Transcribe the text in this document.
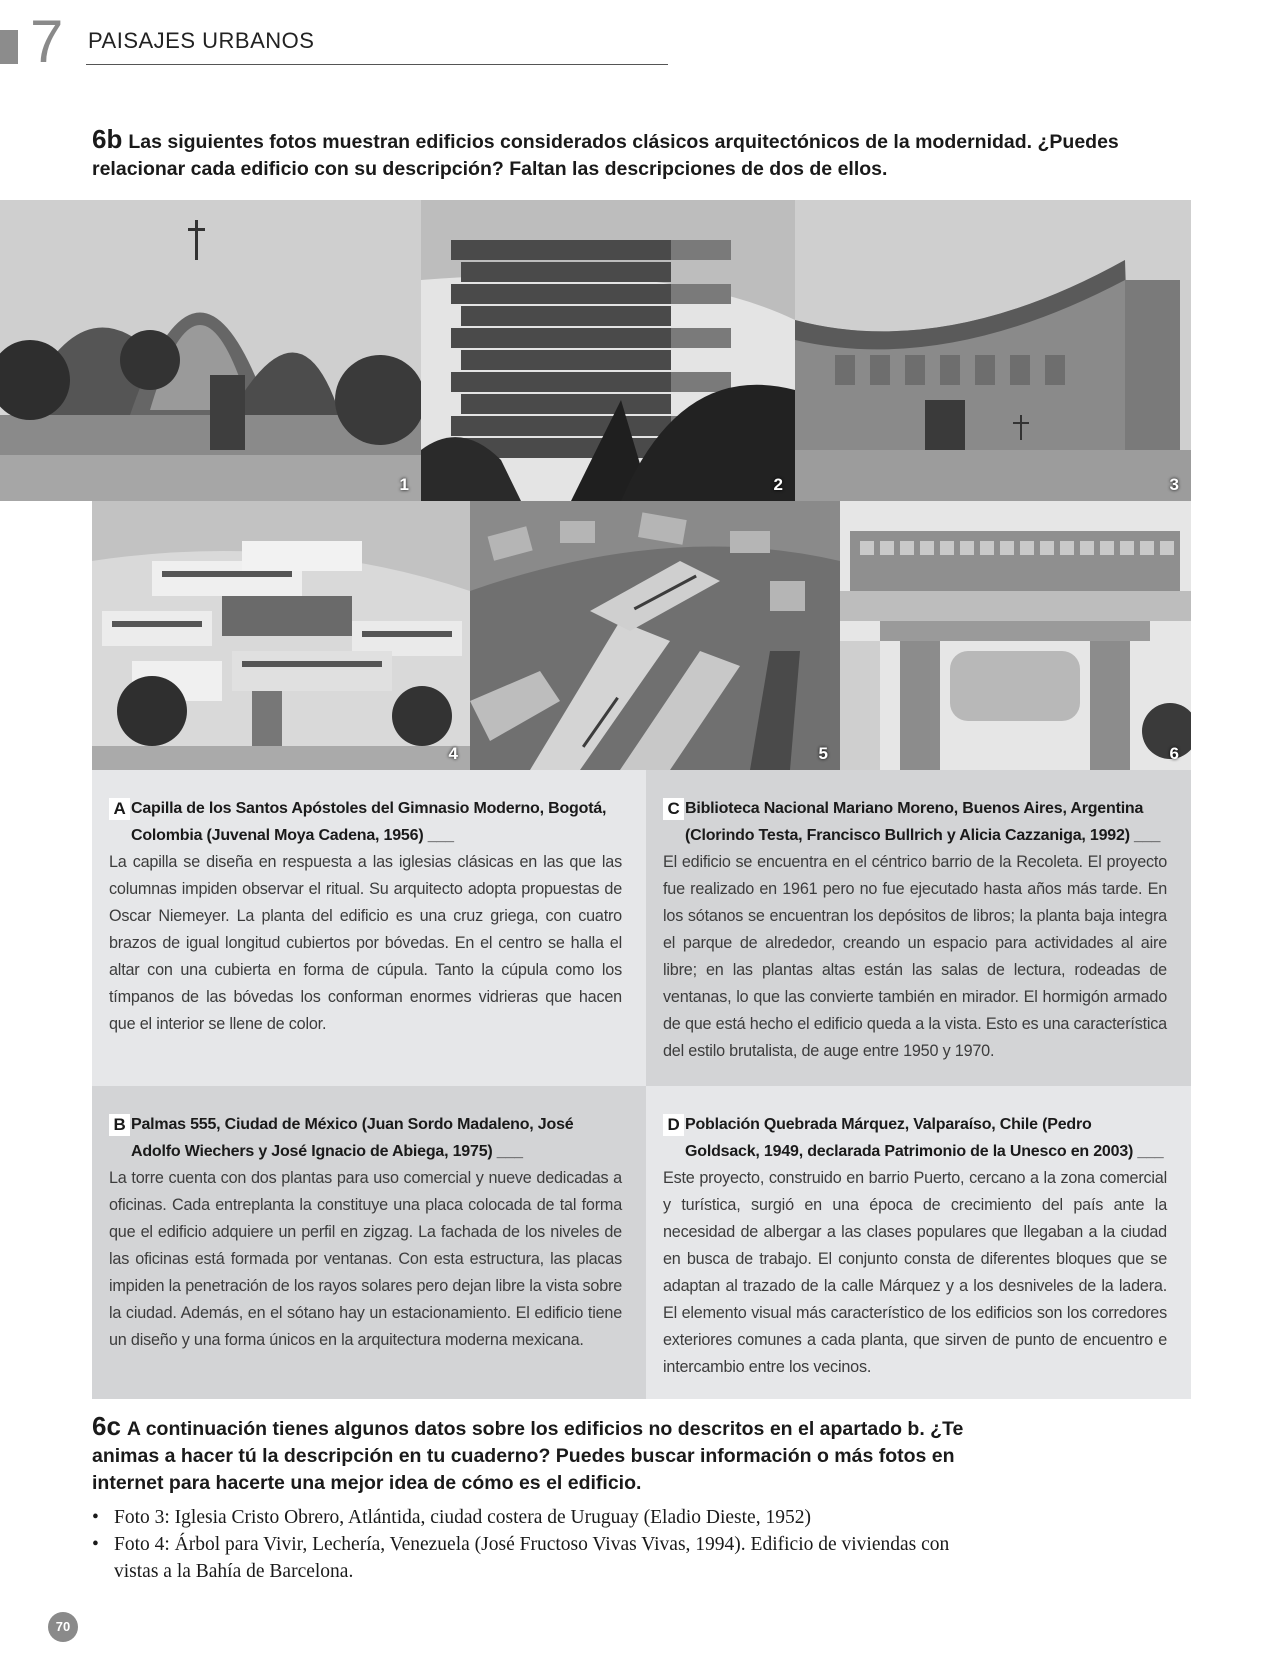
7 PAISAJES URBANOS
6b Las siguientes fotos muestran edificios considerados clásicos arquitectónicos de la modernidad. ¿Puedes relacionar cada edificio con su descripción? Faltan las descripciones de dos de ellos.
1	2	3
4	5	6
A Capilla de los Santos Apóstoles del Gimnasio Moderno, Bogotá, Colombia (Juvenal Moya Cadena, 1956) ___
La capilla se diseña en respuesta a las iglesias clásicas en las que las columnas impiden observar el ritual. Su arquitecto adopta propuestas de Oscar Niemeyer. La planta del edificio es una cruz griega, con cuatro brazos de igual longitud cubiertos por bóvedas. En el centro se halla el altar con una cubierta en forma de cúpula. Tanto la cúpula como los tímpanos de las bóvedas los conforman enormes vidrieras que hacen que el interior se llene de color.
C Biblioteca Nacional Mariano Moreno, Buenos Aires, Argentina (Clorindo Testa, Francisco Bullrich y Alicia Cazzaniga, 1992) ___
El edificio se encuentra en el céntrico barrio de la Recoleta. El proyecto fue realizado en 1961 pero no fue ejecutado hasta años más tarde. En los sótanos se encuentran los depósitos de libros; la planta baja integra el parque de alrededor, creando un espacio para actividades al aire libre; en las plantas altas están las salas de lectura, rodeadas de ventanas, lo que las convierte también en mirador. El hormigón armado de que está hecho el edificio queda a la vista. Esto es una característica del estilo brutalista, de auge entre 1950 y 1970.
B Palmas 555, Ciudad de México (Juan Sordo Madaleno, José Adolfo Wiechers y José Ignacio de Abiega, 1975) ___
La torre cuenta con dos plantas para uso comercial y nueve dedicadas a oficinas. Cada entreplanta la constituye una placa colocada de tal forma que el edificio adquiere un perfil en zigzag. La fachada de los niveles de las oficinas está formada por ventanas. Con esta estructura, las placas impiden la penetración de los rayos solares pero dejan libre la vista sobre la ciudad. Además, en el sótano hay un estacionamiento. El edificio tiene un diseño y una forma únicos en la arquitectura moderna mexicana.
D Población Quebrada Márquez, Valparaíso, Chile (Pedro Goldsack, 1949, declarada Patrimonio de la Unesco en 2003) ___
Este proyecto, construido en barrio Puerto, cercano a la zona comercial y turística, surgió en una época de crecimiento del país ante la necesidad de albergar a las clases populares que llegaban a la ciudad en busca de trabajo. El conjunto consta de diferentes bloques que se adaptan al trazado de la calle Márquez y a los desniveles de la ladera. El elemento visual más característico de los edificios son los corredores exteriores comunes a cada planta, que sirven de punto de encuentro e intercambio entre los vecinos.
6c A continuación tienes algunos datos sobre los edificios no descritos en el apartado b. ¿Te animas a hacer tú la descripción en tu cuaderno? Puedes buscar información o más fotos en internet para hacerte una mejor idea de cómo es el edificio.
• Foto 3: Iglesia Cristo Obrero, Atlántida, ciudad costera de Uruguay (Eladio Dieste, 1952)
• Foto 4: Árbol para Vivir, Lechería, Venezuela (José Fructoso Vivas Vivas, 1994). Edificio de viviendas con vistas a la Bahía de Barcelona.
70
